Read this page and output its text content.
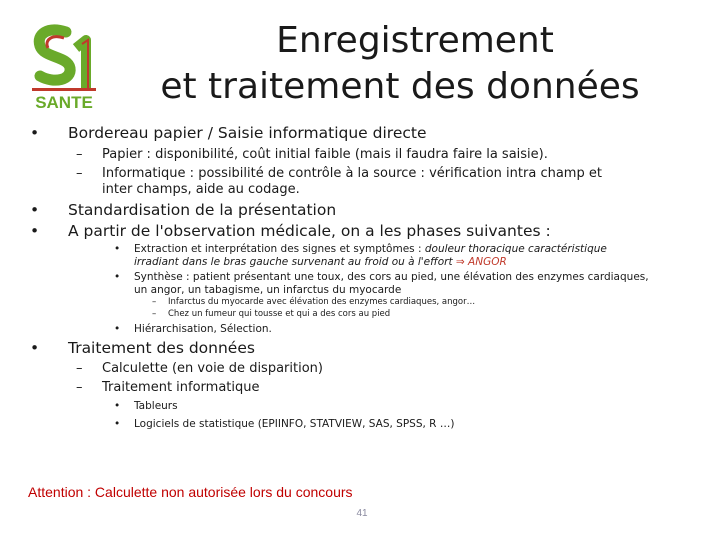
SANTE
Enregistrement
et traitement des données
• Bordereau papier / Saisie informatique directe
– Papier : disponibilité, coût initial faible (mais il faudra faire la saisie).
– Informatique : possibilité de contrôle à la source : vérification intra champ et
inter champs, aide au codage.
• Standardisation de la présentation
• A partir de l'observation médicale, on a les phases suivantes :
• Extraction et interprétation des signes et symptômes : douleur thoracique caractéristique
irradiant dans le bras gauche survenant au froid ou à l'effort ⇒ ANGOR
• Synthèse : patient présentant une toux, des cors au pied, une élévation des enzymes cardiaques,
un angor, un tabagisme, un infarctus du myocarde
– Infarctus du myocarde avec élévation des enzymes cardiaques, angor…
– Chez un fumeur qui tousse et qui a des cors au pied
• Hiérarchisation, Sélection.
• Traitement des données
– Calculette (en voie de disparition)
– Traitement informatique
• Tableurs
• Logiciels de statistique (EPIINFO, STATVIEW, SAS, SPSS, R …)
Attention : Calculette non autorisée lors du concours
41
